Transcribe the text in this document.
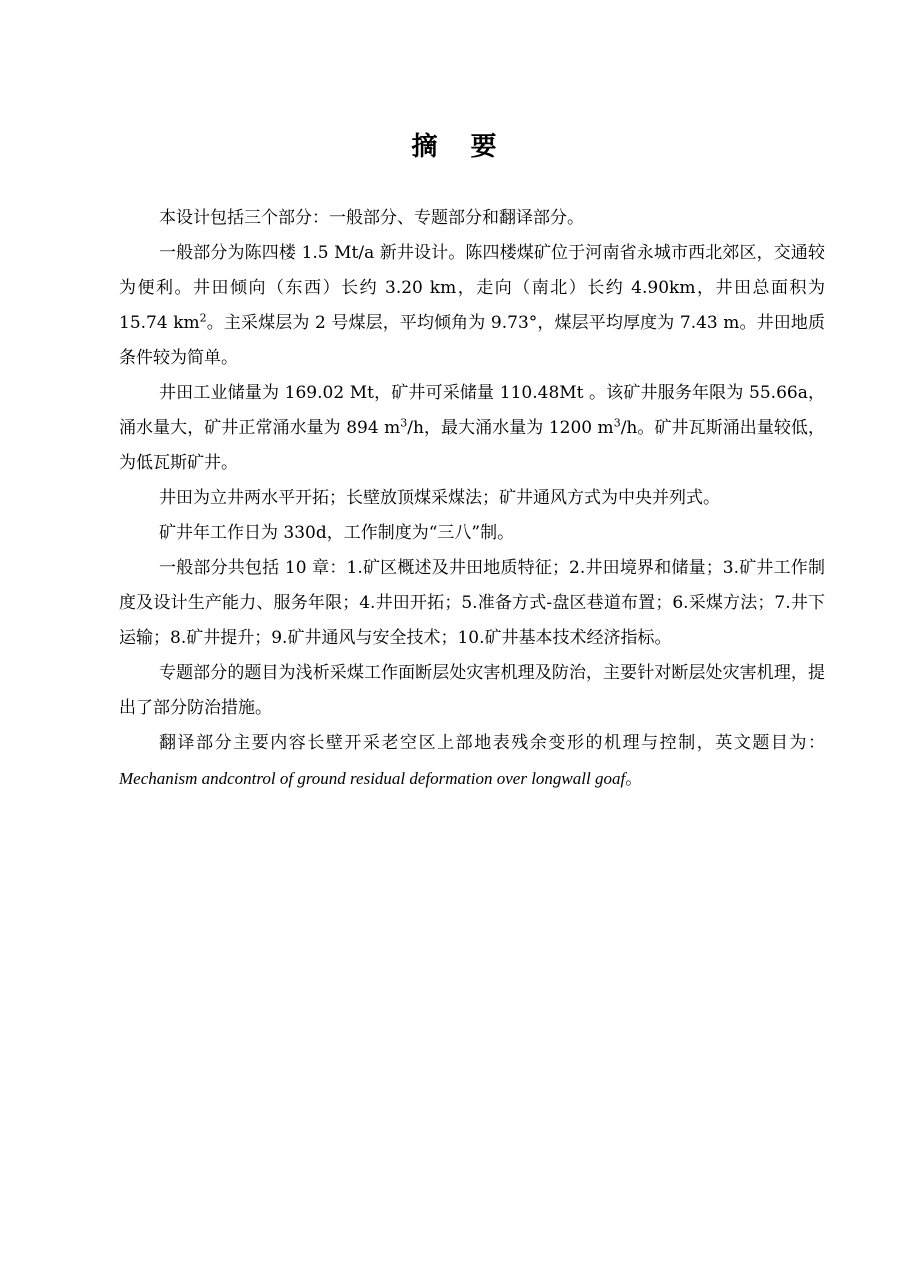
摘 要

本设计包括三个部分：一般部分、专题部分和翻译部分。

一般部分为陈四楼 1.5 Mt/a 新井设计。陈四楼煤矿位于河南省永城市西北郊区，交通较为便利。井田倾向（东西）长约 3.20 km，走向（南北）长约 4.90km，井田总面积为 15.74 $km^2$。主采煤层为 2 号煤层，平均倾角为 9.73°，煤层平均厚度为 7.43 m。井田地质条件较为简单。

井田工业储量为 169.02 Mt，矿井可采储量 110.48Mt 。该矿井服务年限为 55.66a，涌水量大，矿井正常涌水量为 894 $m^3/h$，最大涌水量为 1200 $m^3/h$。矿井瓦斯涌出量较低，为低瓦斯矿井。

井田为立井两水平开拓；长壁放顶煤采煤法；矿井通风方式为中央并列式。

矿井年工作日为 330d，工作制度为“三八”制。

一般部分共包括 10 章：1.矿区概述及井田地质特征；2.井田境界和储量；3.矿井工作制度及设计生产能力、服务年限；4.井田开拓；5.准备方式-盘区巷道布置；6.采煤方法；7.井下运输；8.矿井提升；9.矿井通风与安全技术；10.矿井基本技术经济指标。

专题部分的题目为浅析采煤工作面断层处灾害机理及防治，主要针对断层处灾害机理，提出了部分防治措施。

翻译部分主要内容长壁开采老空区上部地表残余变形的机理与控制，英文题目为：Mechanism andcontrol of ground residual deformation over longwall goaf。
